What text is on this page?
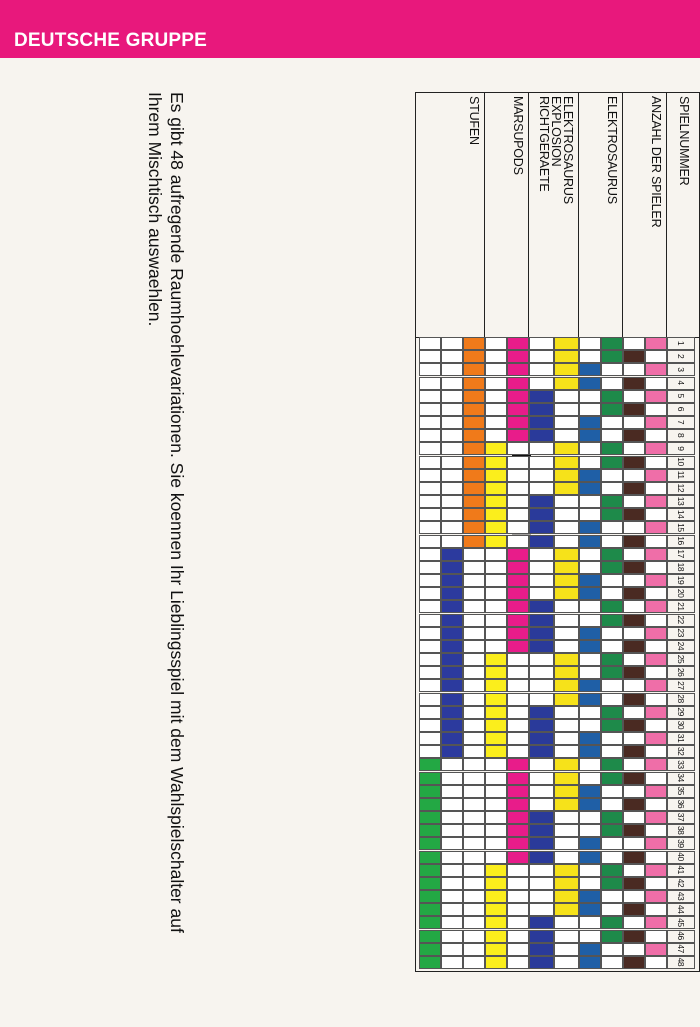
DEUTSCHE GRUPPE
SPIELNUMMER
ANZAHL DER SPIELER
ELEKTROSAURUS
ELEKTROSAURUS
EXPLOSION
RICHTGERAETE
MARSUPODS
STUFEN
1
2
3
4
5
6
7
8
9
10
11
12
13
14
15
16
17
18
19
20
21
22
23
24
25
26
27
28
29
30
31
32
33
34
35
36
37
38
39
40
41
42
43
44
45
46
47
48
Es gibt 48 aufregende Raumhoehlevariationen. Sie koennen Ihr Lieblingsspiel mit dem Wahlspielschalter auf Ihrem Mischtisch auswaehlen.
